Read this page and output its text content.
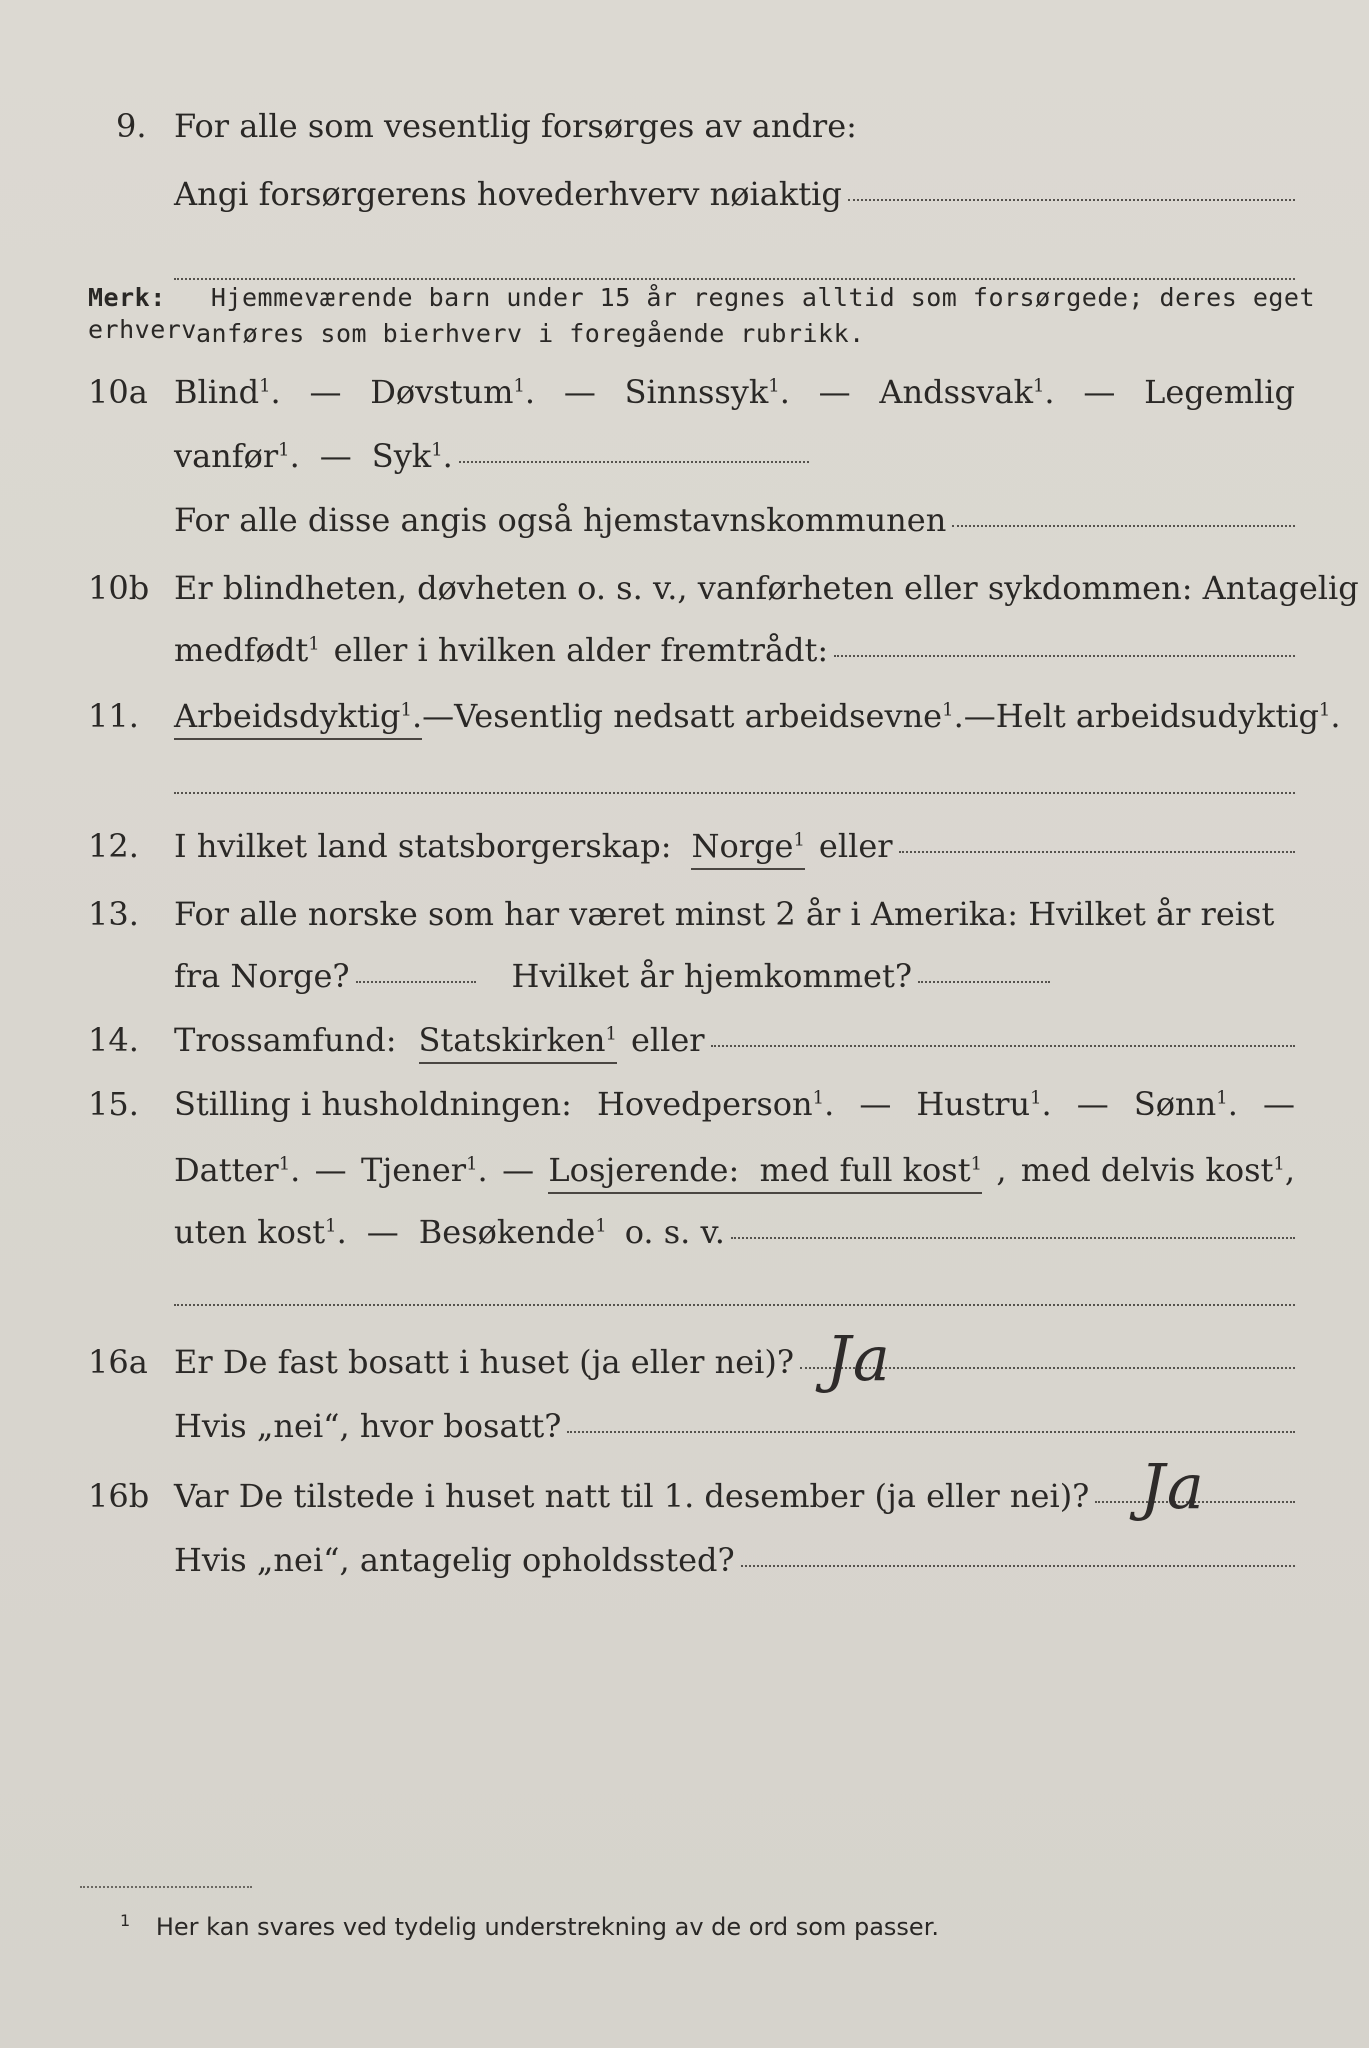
9. For alle som vesentlig forsørges av andre:
Angi forsørgerens hovederhverv nøiaktig
Merk: Hjemmeværende barn under 15 år regnes alltid som forsørgede; deres eget erhverv anføres som bierhverv i foregående rubrikk.
10a Blind$^1$. — Døvstum$^1$. — Sinnssyk$^1$. — Andssvak$^1$. — Legemlig
vanfør$^1$. — Syk$^1$.
For alle disse angis også hjemstavnskommunen
10b Er blindheten, døvheten o. s. v., vanførheten eller sykdommen: Antagelig
medfødt$^1$ eller i hvilken alder fremtrådt:
11. Arbeidsdyktig$^1$. — Vesentlig nedsatt arbeidsevne$^1$. — Helt arbeidsudyktig$^1$.
12. I hvilket land statsborgerskap: Norge$^1$ eller
13. For alle norske som har været minst 2 år i Amerika: Hvilket år reist
fra Norge?	Hvilket år hjemkommet?
14. Trossamfund: Statskirken$^1$ eller
15. Stilling i husholdningen: Hovedperson$^1$. — Hustru$^1$. — Sønn$^1$. —
Datter$^1$. — Tjener$^1$. — Losjerende: med full kost$^1$ , med delvis kost$^1$,
uten kost$^1$. — Besøkende$^1$ o. s. v.
16a Er De fast bosatt i huset (ja eller nei)? Ja
Hvis „nei“, hvor bosatt?
16b Var De tilstede i huset natt til 1. desember (ja eller nei)? Ja
Hvis „nei“, antagelig opholdssted?
$^1$ Her kan svares ved tydelig understrekning av de ord som passer.
